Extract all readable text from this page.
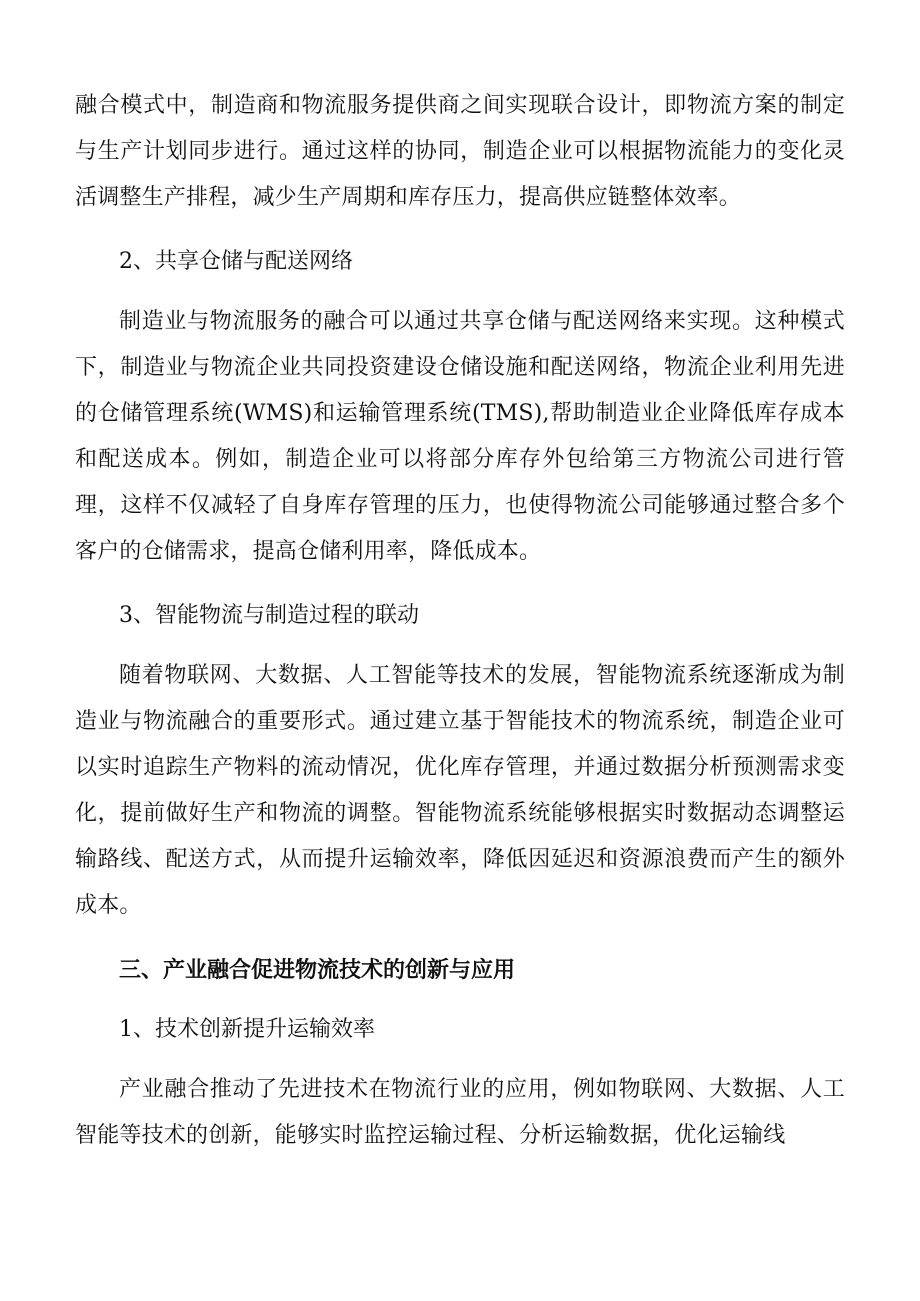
融合模式中，制造商和物流服务提供商之间实现联合设计，即物流方案的制定与生产计划同步进行。通过这样的协同，制造企业可以根据物流能力的变化灵活调整生产排程，减少生产周期和库存压力，提高供应链整体效率。

2、共享仓储与配送网络

制造业与物流服务的融合可以通过共享仓储与配送网络来实现。这种模式下，制造业与物流企业共同投资建设仓储设施和配送网络，物流企业利用先进的仓储管理系统(WMS)和运输管理系统(TMS),帮助制造业企业降低库存成本和配送成本。例如，制造企业可以将部分库存外包给第三方物流公司进行管理，这样不仅减轻了自身库存管理的压力，也使得物流公司能够通过整合多个客户的仓储需求，提高仓储利用率，降低成本。

3、智能物流与制造过程的联动

随着物联网、大数据、人工智能等技术的发展，智能物流系统逐渐成为制造业与物流融合的重要形式。通过建立基于智能技术的物流系统，制造企业可以实时追踪生产物料的流动情况，优化库存管理，并通过数据分析预测需求变化，提前做好生产和物流的调整。智能物流系统能够根据实时数据动态调整运输路线、配送方式，从而提升运输效率，降低因延迟和资源浪费而产生的额外成本。

三、产业融合促进物流技术的创新与应用

1、技术创新提升运输效率

产业融合推动了先进技术在物流行业的应用，例如物联网、大数据、人工智能等技术的创新，能够实时监控运输过程、分析运输数据，优化运输线
